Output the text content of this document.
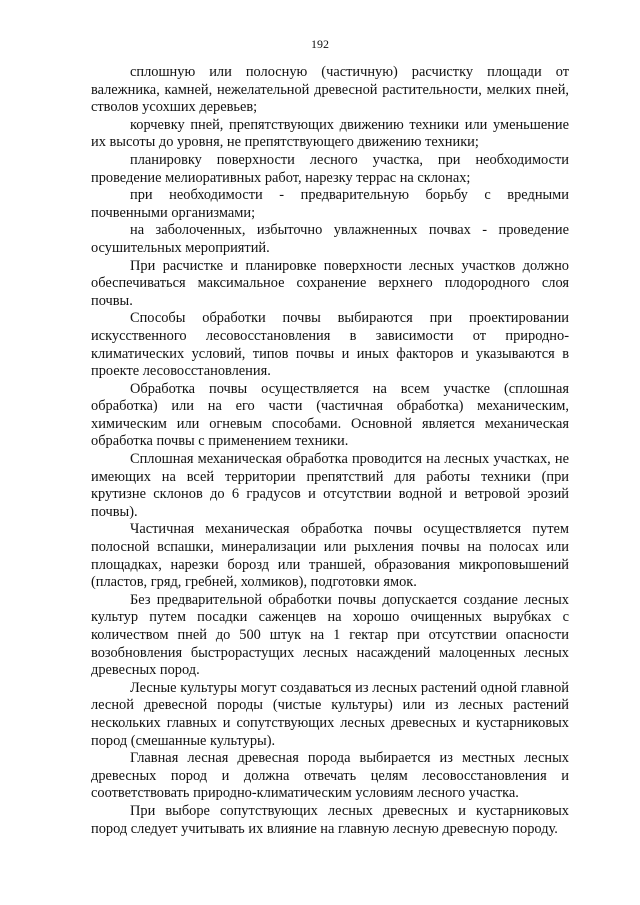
192

сплошную или полосную (частичную) расчистку площади от валежника, камней, нежелательной древесной растительности, мелких пней, стволов усохших деревьев;

корчевку пней, препятствующих движению техники или уменьшение их высоты до уровня, не препятствующего движению техники;

планировку поверхности лесного участка, при необходимости проведение мелиоративных работ, нарезку террас на склонах;

при необходимости - предварительную борьбу с вредными почвенными организмами;

на заболоченных, избыточно увлажненных почвах - проведение осушительных мероприятий.

При расчистке и планировке поверхности лесных участков должно обеспечиваться максимальное сохранение верхнего плодородного слоя почвы.

Способы обработки почвы выбираются при проектировании искусственного лесовосстановления в зависимости от природно-климатических условий, типов почвы и иных факторов и указываются в проекте лесовосстановления.

Обработка почвы осуществляется на всем участке (сплошная обработка) или на его части (частичная обработка) механическим, химическим или огневым способами. Основной является механическая обработка почвы с применением техники.

Сплошная механическая обработка проводится на лесных участках, не имеющих на всей территории препятствий для работы техники (при крутизне склонов до 6 градусов и отсутствии водной и ветровой эрозий почвы).

Частичная механическая обработка почвы осуществляется путем полосной вспашки, минерализации или рыхления почвы на полосах или площадках, нарезки борозд или траншей, образования микроповышений (пластов, гряд, гребней, холмиков), подготовки ямок.

Без предварительной обработки почвы допускается создание лесных культур путем посадки саженцев на хорошо очищенных вырубках с количеством пней до 500 штук на 1 гектар при отсутствии опасности возобновления быстрорастущих лесных насаждений малоценных лесных древесных пород.

Лесные культуры могут создаваться из лесных растений одной главной лесной древесной породы (чистые культуры) или из лесных растений нескольких главных и сопутствующих лесных древесных и кустарниковых пород (смешанные культуры).

Главная лесная древесная порода выбирается из местных лесных древесных пород и должна отвечать целям лесовосстановления и соответствовать природно-климатическим условиям лесного участка.

При выборе сопутствующих лесных древесных и кустарниковых пород следует учитывать их влияние на главную лесную древесную породу.
